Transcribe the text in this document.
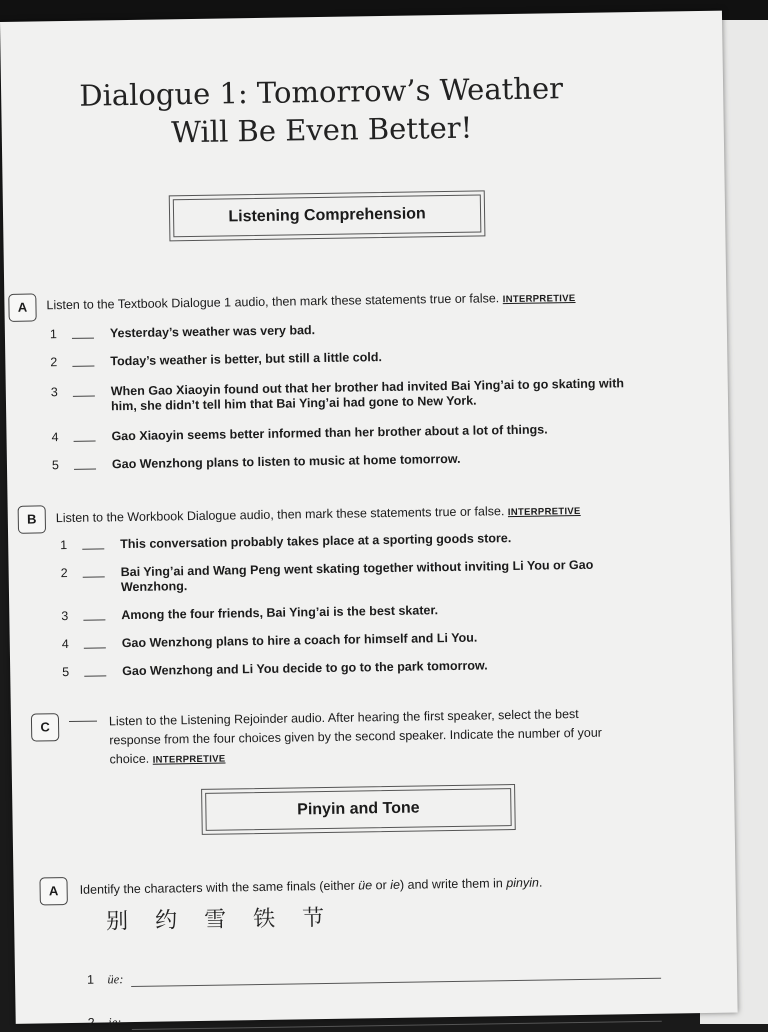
Dialogue 1: Tomorrow’s Weather
Will Be Even Better!
Listening Comprehension
A	Listen to the Textbook Dialogue 1 audio, then mark these statements true or false. INTERPRETIVE
1	Yesterday’s weather was very bad.
2	Today’s weather is better, but still a little cold.
3	When Gao Xiaoyin found out that her brother had invited Bai Ying’ai to go skating with him, she didn’t tell him that Bai Ying’ai had gone to New York.
4	Gao Xiaoyin seems better informed than her brother about a lot of things.
5	Gao Wenzhong plans to listen to music at home tomorrow.
B	Listen to the Workbook Dialogue audio, then mark these statements true or false. INTERPRETIVE
1	This conversation probably takes place at a sporting goods store.
2	Bai Ying’ai and Wang Peng went skating together without inviting Li You or Gao Wenzhong.
3	Among the four friends, Bai Ying’ai is the best skater.
4	Gao Wenzhong plans to hire a coach for himself and Li You.
5	Gao Wenzhong and Li You decide to go to the park tomorrow.
C	Listen to the Listening Rejoinder audio. After hearing the first speaker, select the best response from the four choices given by the second speaker. Indicate the number of your choice. INTERPRETIVE
Pinyin and Tone
A	Identify the characters with the same finals (either üe or ie) and write them in pinyin.
别 约 雪 铁 节
1 üe:
2 ie:
